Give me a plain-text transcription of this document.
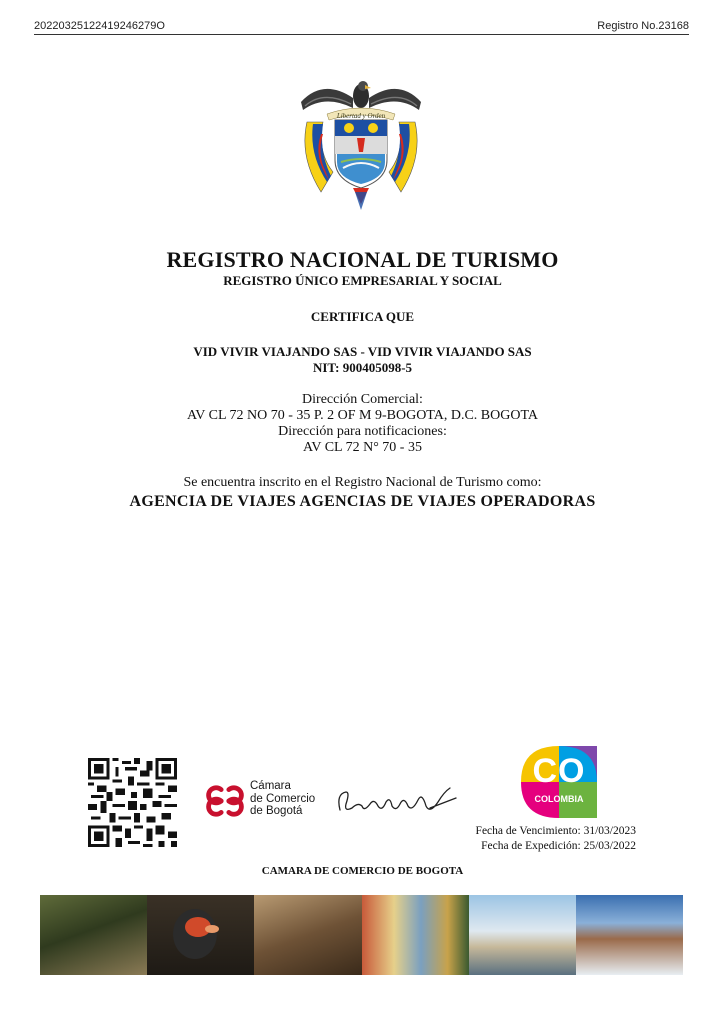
20220325122419246279O	Registro No.23168
Libertad y Orden
REGISTRO NACIONAL DE TURISMO
REGISTRO ÚNICO EMPRESARIAL Y SOCIAL
CERTIFICA QUE
VID VIVIR VIAJANDO SAS - VID VIVIR VIAJANDO SAS
NIT: 900405098-5
Dirección Comercial:
AV CL 72 NO 70 - 35 P. 2 OF M 9-BOGOTA, D.C. BOGOTA
Dirección para notificaciones:
AV CL 72 N° 70 - 35
Se encuentra inscrito en el Registro Nacional de Turismo como:
AGENCIA DE VIAJES AGENCIAS DE VIAJES OPERADORAS
Cámara
de Comercio
de Bogotá
CO
COLOMBIA
Fecha de Vencimiento: 31/03/2023
Fecha de Expedición: 25/03/2022
CAMARA DE COMERCIO DE BOGOTA
